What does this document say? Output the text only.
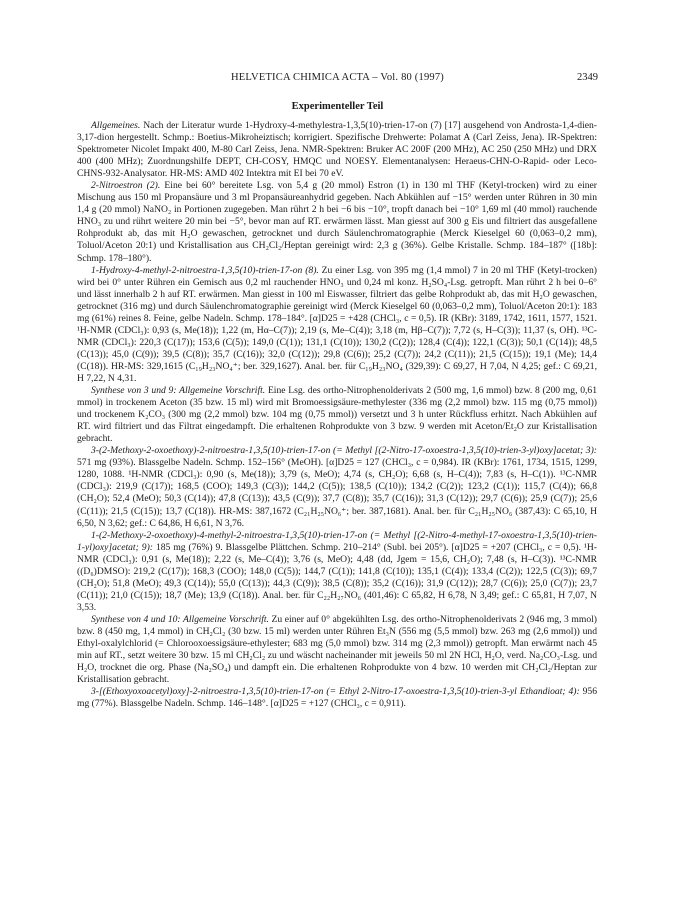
HELVETICA CHIMICA ACTA – Vol. 80 (1997)	2349
Experimenteller Teil

Allgemeines. Nach der Literatur wurde 1-Hydroxy-4-methylestra-1,3,5(10)-trien-17-on (7) [17] ausgehend von Androsta-1,4-dien-3,17-dion hergestellt. Schmp.: Boetius-Mikroheiztisch; korrigiert. Spezifische Drehwerte: Polamat A (Carl Zeiss, Jena). IR-Spektren: Spektrometer Nicolet Impakt 400, M-80 Carl Zeiss, Jena. NMR-Spektren: Bruker AC 200F (200 MHz), AC 250 (250 MHz) und DRX 400 (400 MHz); Zuordnungshilfe DEPT, CH-COSY, HMQC und NOESY. Elementanalysen: Heraeus-CHN-O-Rapid- oder Leco-CHNS-932-Analysator. HR-MS: AMD 402 Intektra mit EI bei 70 eV.

2-Nitroestron (2). Eine bei 60° bereitete Lsg. von 5,4 g (20 mmol) Estron (1) in 130 ml THF (Ketyl-trocken) wird zu einer Mischung aus 150 ml Propansäure und 3 ml Propansäureanhydrid gegeben. Nach Abkühlen auf −15° werden unter Rühren in 30 min 1,4 g (20 mmol) NaNO₂ in Portionen zugegeben. Man rührt 2 h bei −6 bis −10°, tropft danach bei −10° 1,69 ml (40 mmol) rauchende HNO₃ zu und rührt weitere 20 min bei −5°, bevor man auf RT. erwärmen lässt. Man giesst auf 300 g Eis und filtriert das ausgefallene Rohprodukt ab, das mit H₂O gewaschen, getrocknet und durch Säulenchromatographie (Merck Kieselgel 60 (0,063–0,2 mm), Toluol/Aceton 20:1) und Kristallisation aus CH₂Cl₂/Heptan gereinigt wird: 2,3 g (36%). Gelbe Kristalle. Schmp. 184–187° ([18b]: Schmp. 178–180°).

1-Hydroxy-4-methyl-2-nitroestra-1,3,5(10)-trien-17-on (8). Zu einer Lsg. von 395 mg (1,4 mmol) 7 in 20 ml THF (Ketyl-trocken) wird bei 0° unter Rühren ein Gemisch aus 0,2 ml rauchender HNO₃ und 0,24 ml konz. H₂SO₄-Lsg. getropft. Man rührt 2 h bei 0–6° und lässt innerhalb 2 h auf RT. erwärmen. Man giesst in 100 ml Eiswasser, filtriert das gelbe Rohprodukt ab, das mit H₂O gewaschen, getrocknet (316 mg) und durch Säulenchromatographie gereinigt wird (Merck Kieselgel 60 (0,063–0,2 mm), Toluol/Aceton 20:1): 183 mg (61%) reines 8. Feine, gelbe Nadeln. Schmp. 178–184°. [α]D25 = +428 (CHCl₃, c = 0,5). IR (KBr): 3189, 1742, 1611, 1577, 1521. ¹H-NMR (CDCl₃): 0,93 (s, Me(18)); 1,22 (m, Hα–C(7)); 2,19 (s, Me–C(4)); 3,18 (m, Hβ–C(7)); 7,72 (s, H–C(3)); 11,37 (s, OH). ¹³C-NMR (CDCl₃): 220,3 (C(17)); 153,6 (C(5)); 149,0 (C(1)); 131,1 (C(10)); 130,2 (C(2)); 128,4 (C(4)); 122,1 (C(3)); 50,1 (C(14)); 48,5 (C(13)); 45,0 (C(9)); 39,5 (C(8)); 35,7 (C(16)); 32,0 (C(12)); 29,8 (C(6)); 25,2 (C(7)); 24,2 (C(11)); 21,5 (C(15)); 19,1 (Me); 14,4 (C(18)). HR-MS: 329,1615 (C₁₉H₂₃NO₄⁺; ber. 329,1627). Anal. ber. für C₁₉H₂₃NO₄ (329,39): C 69,27, H 7,04, N 4,25; gef.: C 69,21, H 7,22, N 4,31.

Synthese von 3 und 9: Allgemeine Vorschrift. Eine Lsg. des ortho-Nitrophenolderivats 2 (500 mg, 1,6 mmol) bzw. 8 (200 mg, 0,61 mmol) in trockenem Aceton (35 bzw. 15 ml) wird mit Bromoessigsäure-methylester (336 mg (2,2 mmol) bzw. 115 mg (0,75 mmol)) und trockenem K₂CO₃ (300 mg (2,2 mmol) bzw. 104 mg (0,75 mmol)) versetzt und 3 h unter Rückfluss erhitzt. Nach Abkühlen auf RT. wird filtriert und das Filtrat eingedampft. Die erhaltenen Rohprodukte von 3 bzw. 9 werden mit Aceton/Et₂O zur Kristallisation gebracht.

3-(2-Methoxy-2-oxoethoxy)-2-nitroestra-1,3,5(10)-trien-17-on (= Methyl [(2-Nitro-17-oxoestra-1,3,5(10)-trien-3-yl)oxy]acetat; 3): 571 mg (93%). Blassgelbe Nadeln. Schmp. 152–156° (MeOH). [α]D25 = 127 (CHCl₃, c = 0,984). IR (KBr): 1761, 1734, 1515, 1299, 1280, 1088. ¹H-NMR (CDCl₃): 0,90 (s, Me(18)); 3,79 (s, MeO); 4,74 (s, CH₂O); 6,68 (s, H–C(4)); 7,83 (s, H–C(1)). ¹³C-NMR (CDCl₃): 219,9 (C(17)); 168,5 (COO); 149,3 (C(3)); 144,2 (C(5)); 138,5 (C(10)); 134,2 (C(2)); 123,2 (C(1)); 115,7 (C(4)); 66,8 (CH₂O); 52,4 (MeO); 50,3 (C(14)); 47,8 (C(13)); 43,5 (C(9)); 37,7 (C(8)); 35,7 (C(16)); 31,3 (C(12)); 29,7 (C(6)); 25,9 (C(7)); 25,6 (C(11)); 21,5 (C(15)); 13,7 (C(18)). HR-MS: 387,1672 (C₂₁H₂₅NO₆⁺; ber. 387,1681). Anal. ber. für C₂₁H₂₅NO₆ (387,43): C 65,10, H 6,50, N 3,62; gef.: C 64,86, H 6,61, N 3,76.

1-(2-Methoxy-2-oxoethoxy)-4-methyl-2-nitroestra-1,3,5(10)-trien-17-on (= Methyl [(2-Nitro-4-methyl-17-oxoestra-1,3,5(10)-trien-1-yl)oxy]acetat; 9): 185 mg (76%) 9. Blassgelbe Plättchen. Schmp. 210–214° (Subl. bei 205°). [α]D25 = +207 (CHCl₃, c = 0,5). ¹H-NMR (CDCl₃): 0,91 (s, Me(18)); 2,22 (s, Me–C(4)); 3,76 (s, MeO); 4,48 (dd, Jgem = 15,6, CH₂O); 7,48 (s, H–C(3)). ¹³C-NMR ((D₆)DMSO): 219,2 (C(17)); 168,3 (COO); 148,0 (C(5)); 144,7 (C(1)); 141,8 (C(10)); 135,1 (C(4)); 133,4 (C(2)); 122,5 (C(3)); 69,7 (CH₂O); 51,8 (MeO); 49,3 (C(14)); 55,0 (C(13)); 44,3 (C(9)); 38,5 (C(8)); 35,2 (C(16)); 31,9 (C(12)); 28,7 (C(6)); 25,0 (C(7)); 23,7 (C(11)); 21,0 (C(15)); 18,7 (Me); 13,9 (C(18)). Anal. ber. für C₂₂H₂₇NO₆ (401,46): C 65,82, H 6,78, N 3,49; gef.: C 65,81, H 7,07, N 3,53.

Synthese von 4 und 10: Allgemeine Vorschrift. Zu einer auf 0° abgekühlten Lsg. des ortho-Nitrophenolderivats 2 (946 mg, 3 mmol) bzw. 8 (450 mg, 1,4 mmol) in CH₂Cl₂ (30 bzw. 15 ml) werden unter Rühren Et₃N (556 mg (5,5 mmol) bzw. 263 mg (2,6 mmol)) und Ethyl-oxalylchlorid (= Chlorooxoessigsäure-ethylester; 683 mg (5,0 mmol) bzw. 314 mg (2,3 mmol)) getropft. Man erwärmt nach 45 min auf RT., setzt weitere 30 bzw. 15 ml CH₂Cl₂ zu und wäscht nacheinander mit jeweils 50 ml 2N HCl, H₂O, verd. Na₂CO₃-Lsg. und H₂O, trocknet die org. Phase (Na₂SO₄) und dampft ein. Die erhaltenen Rohprodukte von 4 bzw. 10 werden mit CH₂Cl₂/Heptan zur Kristallisation gebracht.

3-[(Ethoxyoxoacetyl)oxy]-2-nitroestra-1,3,5(10)-trien-17-on (= Ethyl 2-Nitro-17-oxoestra-1,3,5(10)-trien-3-yl Ethandioat; 4): 956 mg (77%). Blassgelbe Nadeln. Schmp. 146–148°. [α]D25 = +127 (CHCl₃, c = 0,911).
